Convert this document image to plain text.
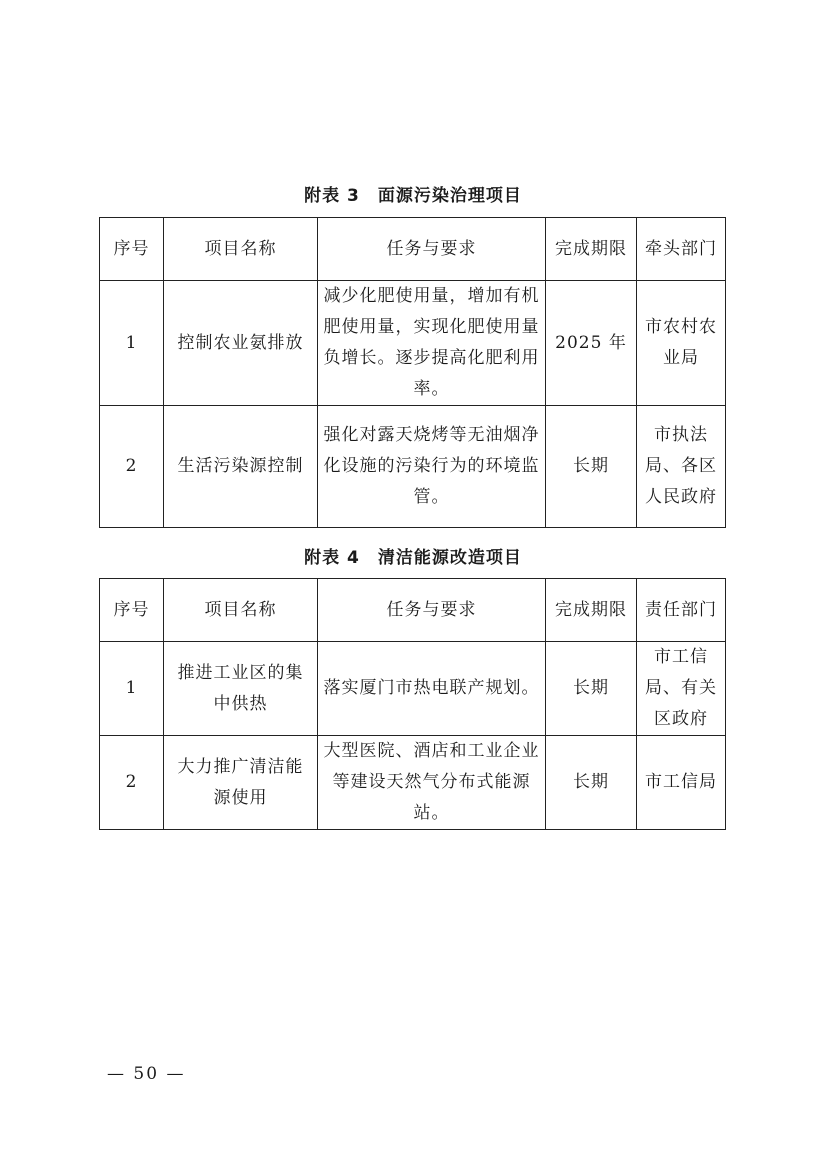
附表 3　面源污染治理项目
序号	项目名称	任务与要求	完成期限	牵头部门
1	控制农业氨排放	减少化肥使用量，增加有机肥使用量，实现化肥使用量负增长。逐步提高化肥利用率。	2025 年	市农村农业局
2	生活污染源控制	强化对露天烧烤等无油烟净化设施的污染行为的环境监管。	长期	市执法局、各区人民政府
附表 4　清洁能源改造项目
序号	项目名称	任务与要求	完成期限	责任部门
1	推进工业区的集中供热	落实厦门市热电联产规划。	长期	市工信局、有关区政府
2	大力推广清洁能源使用	大型医院、酒店和工业企业等建设天然气分布式能源站。	长期	市工信局
— 50 —
